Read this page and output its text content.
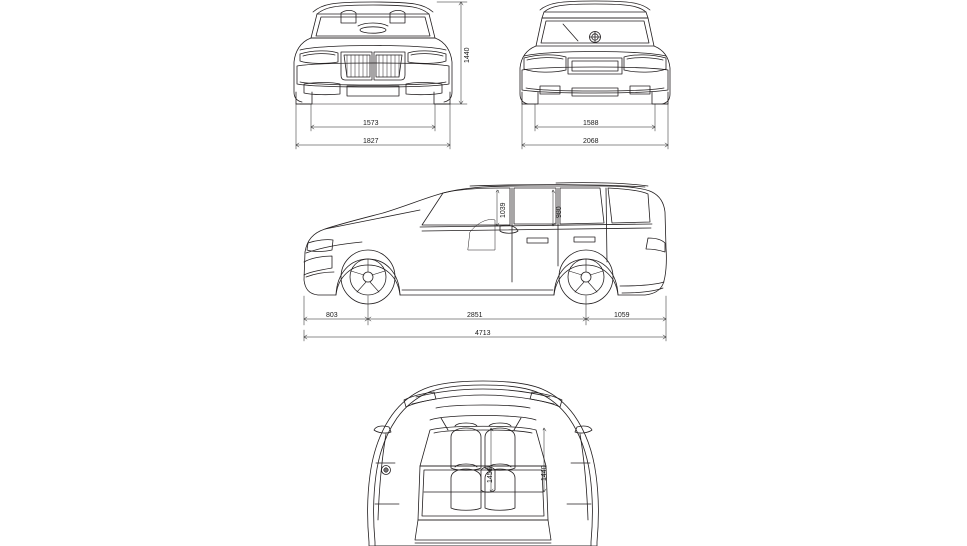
1440
1573
1827
1588
2068
1039	980
803	2851	1059
4713
1456	1440
